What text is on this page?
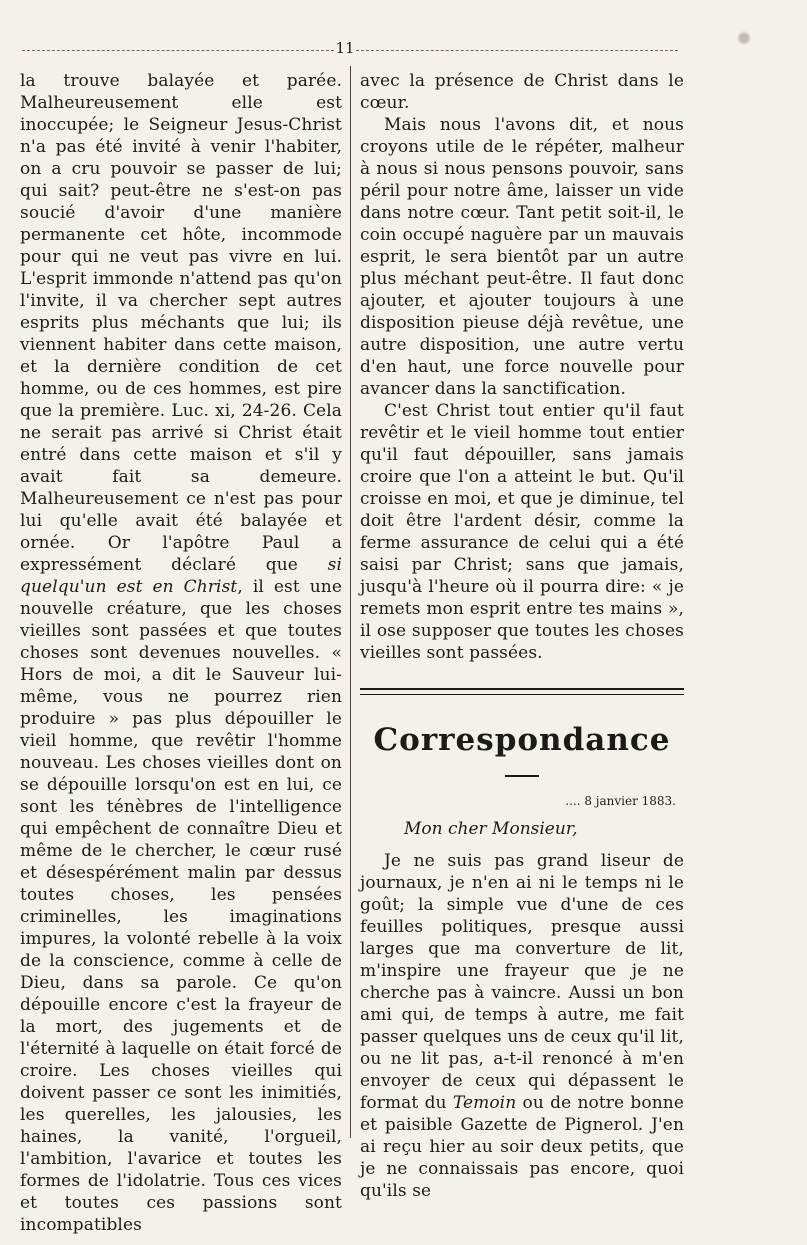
11

la trouve balayée et parée. Malheureusement elle est inoccupée; le Seigneur Jesus-Christ n'a pas été invité à venir l'habiter, on a cru pouvoir se passer de lui; qui sait? peut-être ne s'est-on pas soucié d'avoir d'une manière permanente cet hôte, incommode pour qui ne veut pas vivre en lui. L'esprit immonde n'attend pas qu'on l'invite, il va chercher sept autres esprits plus méchants que lui; ils viennent habiter dans cette maison, et la dernière condition de cet homme, ou de ces hommes, est pire que la première. Luc. xi, 24-26. Cela ne serait pas arrivé si Christ était entré dans cette maison et s'il y avait fait sa demeure. Malheureusement ce n'est pas pour lui qu'elle avait été balayée et ornée. Or l'apôtre Paul a expressément déclaré que si quelqu'un est en Christ, il est une nouvelle créature, que les choses vieilles sont passées et que toutes choses sont devenues nouvelles. « Hors de moi, a dit le Sauveur lui-même, vous ne pourrez rien produire » pas plus dépouiller le vieil homme, que revêtir l'homme nouveau. Les choses vieilles dont on se dépouille lorsqu'on est en lui, ce sont les ténèbres de l'intelligence qui empêchent de connaître Dieu et même de le chercher, le cœur rusé et désespérément malin par dessus toutes choses, les pensées criminelles, les imaginations impures, la volonté rebelle à la voix de la conscience, comme à celle de Dieu, dans sa parole. Ce qu'on dépouille encore c'est la frayeur de la mort, des jugements et de l'éternité à laquelle on était forcé de croire. Les choses vieilles qui doivent passer ce sont les inimitiés, les querelles, les jalousies, les haines, la vanité, l'orgueil, l'ambition, l'avarice et toutes les formes de l'idolatrie. Tous ces vices et toutes ces passions sont incompatibles

avec la présence de Christ dans le cœur.

Mais nous l'avons dit, et nous croyons utile de le répéter, malheur à nous si nous pensons pouvoir, sans péril pour notre âme, laisser un vide dans notre cœur. Tant petit soit-il, le coin occupé naguère par un mauvais esprit, le sera bientôt par un autre plus méchant peut-être. Il faut donc ajouter, et ajouter toujours à une disposition pieuse déjà revêtue, une autre disposition, une autre vertu d'en haut, une force nouvelle pour avancer dans la sanctification.

C'est Christ tout entier qu'il faut revêtir et le vieil homme tout entier qu'il faut dépouiller, sans jamais croire que l'on a atteint le but. Qu'il croisse en moi, et que je diminue, tel doit être l'ardent désir, comme la ferme assurance de celui qui a été saisi par Christ; sans que jamais, jusqu'à l'heure où il pourra dire: « je remets mon esprit entre tes mains », il ose supposer que toutes les choses vieilles sont passées.

Correspondance
.... 8 janvier 1883.
Mon cher Monsieur,

Je ne suis pas grand liseur de journaux, je n'en ai ni le temps ni le goût; la simple vue d'une de ces feuilles politiques, presque aussi larges que ma converture de lit, m'inspire une frayeur que je ne cherche pas à vaincre. Aussi un bon ami qui, de temps à autre, me fait passer quelques uns de ceux qu'il lit, ou ne lit pas, a-t-il renoncé à m'en envoyer de ceux qui dépassent le format du Temoin ou de notre bonne et paisible Gazette de Pignerol. J'en ai reçu hier au soir deux petits, que je ne connaissais pas encore, quoi qu'ils se
